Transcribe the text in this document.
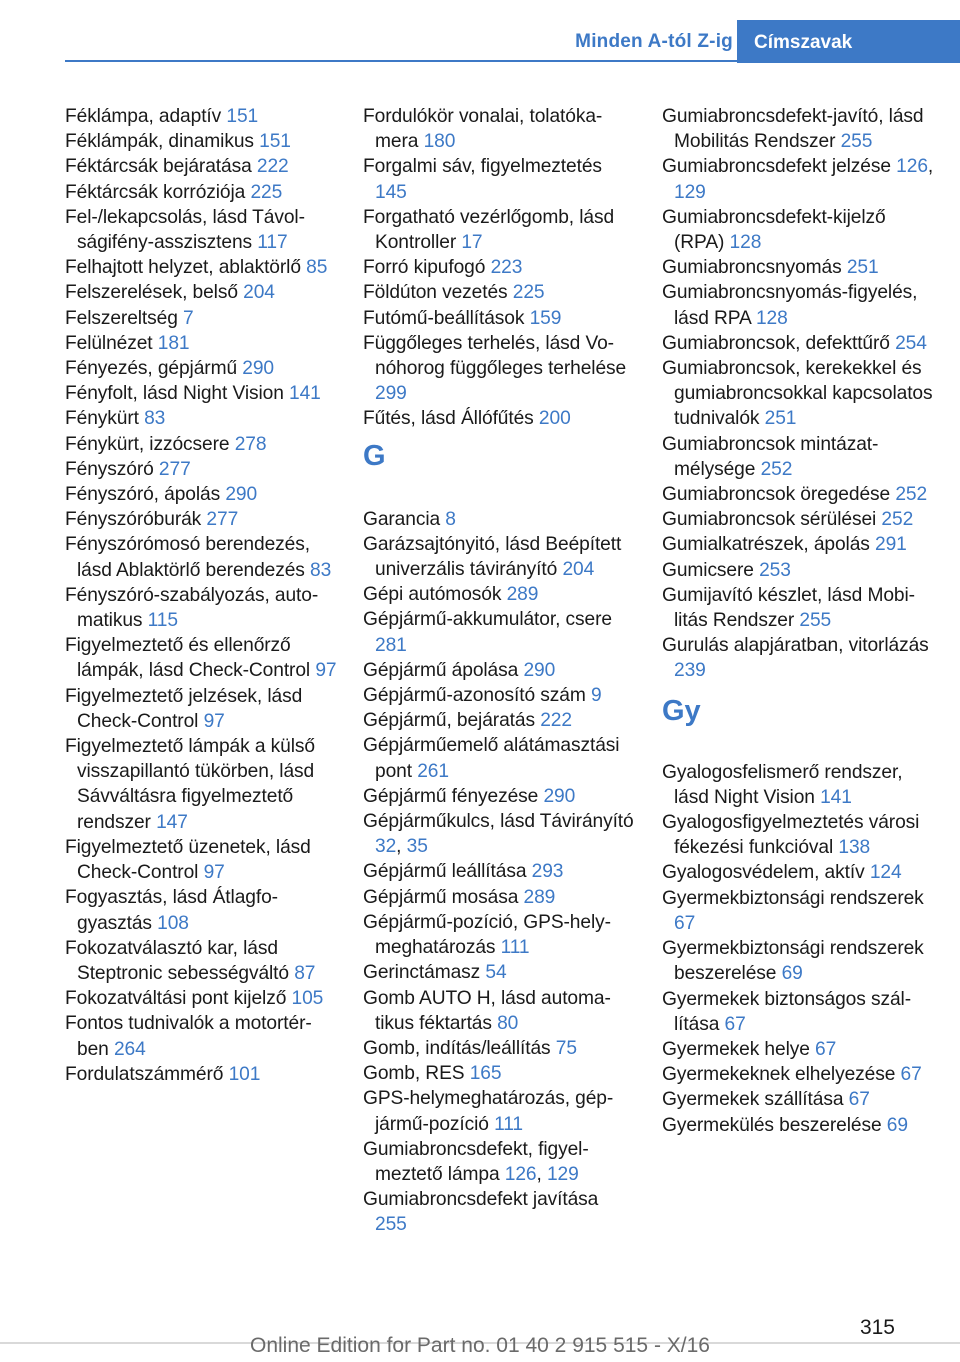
Minden A-tól Z-ig	Címszavak
Féklámpa, adaptív 151
Féklámpák, dinamikus 151
Féktárcsák bejáratása 222
Féktárcsák korróziója 225
Fel-/lekapcsolás, lásd Távolságifény-asszisztens 117
Felhajtott helyzet, ablaktörlő 85
Felszerelések, belső 204
Felszereltség 7
Felülnézet 181
Fényezés, gépjármű 290
Fényfolt, lásd Night Vision 141
Fénykürt 83
Fénykürt, izzócsere 278
Fényszóró 277
Fényszóró, ápolás 290
Fényszóróburák 277
Fényszórómosó berendezés, lásd Ablaktörlő berendezés 83
Fényszóró-szabályozás, automatikus 115
Figyelmeztető és ellenőrző lámpák, lásd Check-Control 97
Figyelmeztető jelzések, lásd Check-Control 97
Figyelmeztető lámpák a külső visszapillantó tükörben, lásd Sávváltásra figyelmeztető rendszer 147
Figyelmeztető üzenetek, lásd Check-Control 97
Fogyasztás, lásd Átlagfogyasztás 108
Fokozatválasztó kar, lásd Steptronic sebességváltó 87
Fokozatváltási pont kijelző 105
Fontos tudnivalók a motortérben 264
Fordulatszámmérő 101
Fordulókör vonalai, tolatókamera 180
Forgalmi sáv, figyelmeztetés 145
Forgatható vezérlőgomb, lásd Kontroller 17
Forró kipufogó 223
Földúton vezetés 225
Futómű-beállítások 159
Függőleges terhelés, lásd Vonóhorog függőleges terhelése 299
Fűtés, lásd Állófűtés 200
G
Garancia 8
Garázsajtónyitó, lásd Beépített univerzális távirányító 204
Gépi autómosók 289
Gépjármű-akkumulátor, csere 281
Gépjármű ápolása 290
Gépjármű-azonosító szám 9
Gépjármű, bejáratás 222
Gépjárműemelő alátámasztási pont 261
Gépjármű fényezése 290
Gépjárműkulcs, lásd Távirányító 32, 35
Gépjármű leállítása 293
Gépjármű mosása 289
Gépjármű-pozíció, GPS-helymeghatározás 111
Gerinctámasz 54
Gomb AUTO H, lásd automatikus féktartás 80
Gomb, indítás/leállítás 75
Gomb, RES 165
GPS-helymeghatározás, gépjármű-pozíció 111
Gumiabroncsdefekt, figyelmeztető lámpa 126, 129
Gumiabroncsdefekt javítása 255
Gumiabroncsdefekt-javító, lásd Mobilitás Rendszer 255
Gumiabroncsdefekt jelzése 126, 129
Gumiabroncsdefekt-kijelző (RPA) 128
Gumiabroncsnyomás 251
Gumiabroncsnyomás-figyelés, lásd RPA 128
Gumiabroncsok, defekttűrő 254
Gumiabroncsok, kerekekkel és gumiabroncsokkal kapcsolatos tudnivalók 251
Gumiabroncsok mintázatmélysége 252
Gumiabroncsok öregedése 252
Gumiabroncsok sérülései 252
Gumialkatrészek, ápolás 291
Gumicsere 253
Gumijavító készlet, lásd Mobilitás Rendszer 255
Gurulás alapjáratban, vitorlázás 239
Gy
Gyalogosfelismerő rendszer, lásd Night Vision 141
Gyalogosfigyelmeztetés városi fékezési funkcióval 138
Gyalogosvédelem, aktív 124
Gyermekbiztonsági rendszerek 67
Gyermekbiztonsági rendszerek beszerelése 69
Gyermekek biztonságos szállítása 67
Gyermekek helye 67
Gyermekeknek elhelyezése 67
Gyermekek szállítása 67
Gyermekülés beszerelése 69
315
Online Edition for Part no. 01 40 2 915 515 - X/16
